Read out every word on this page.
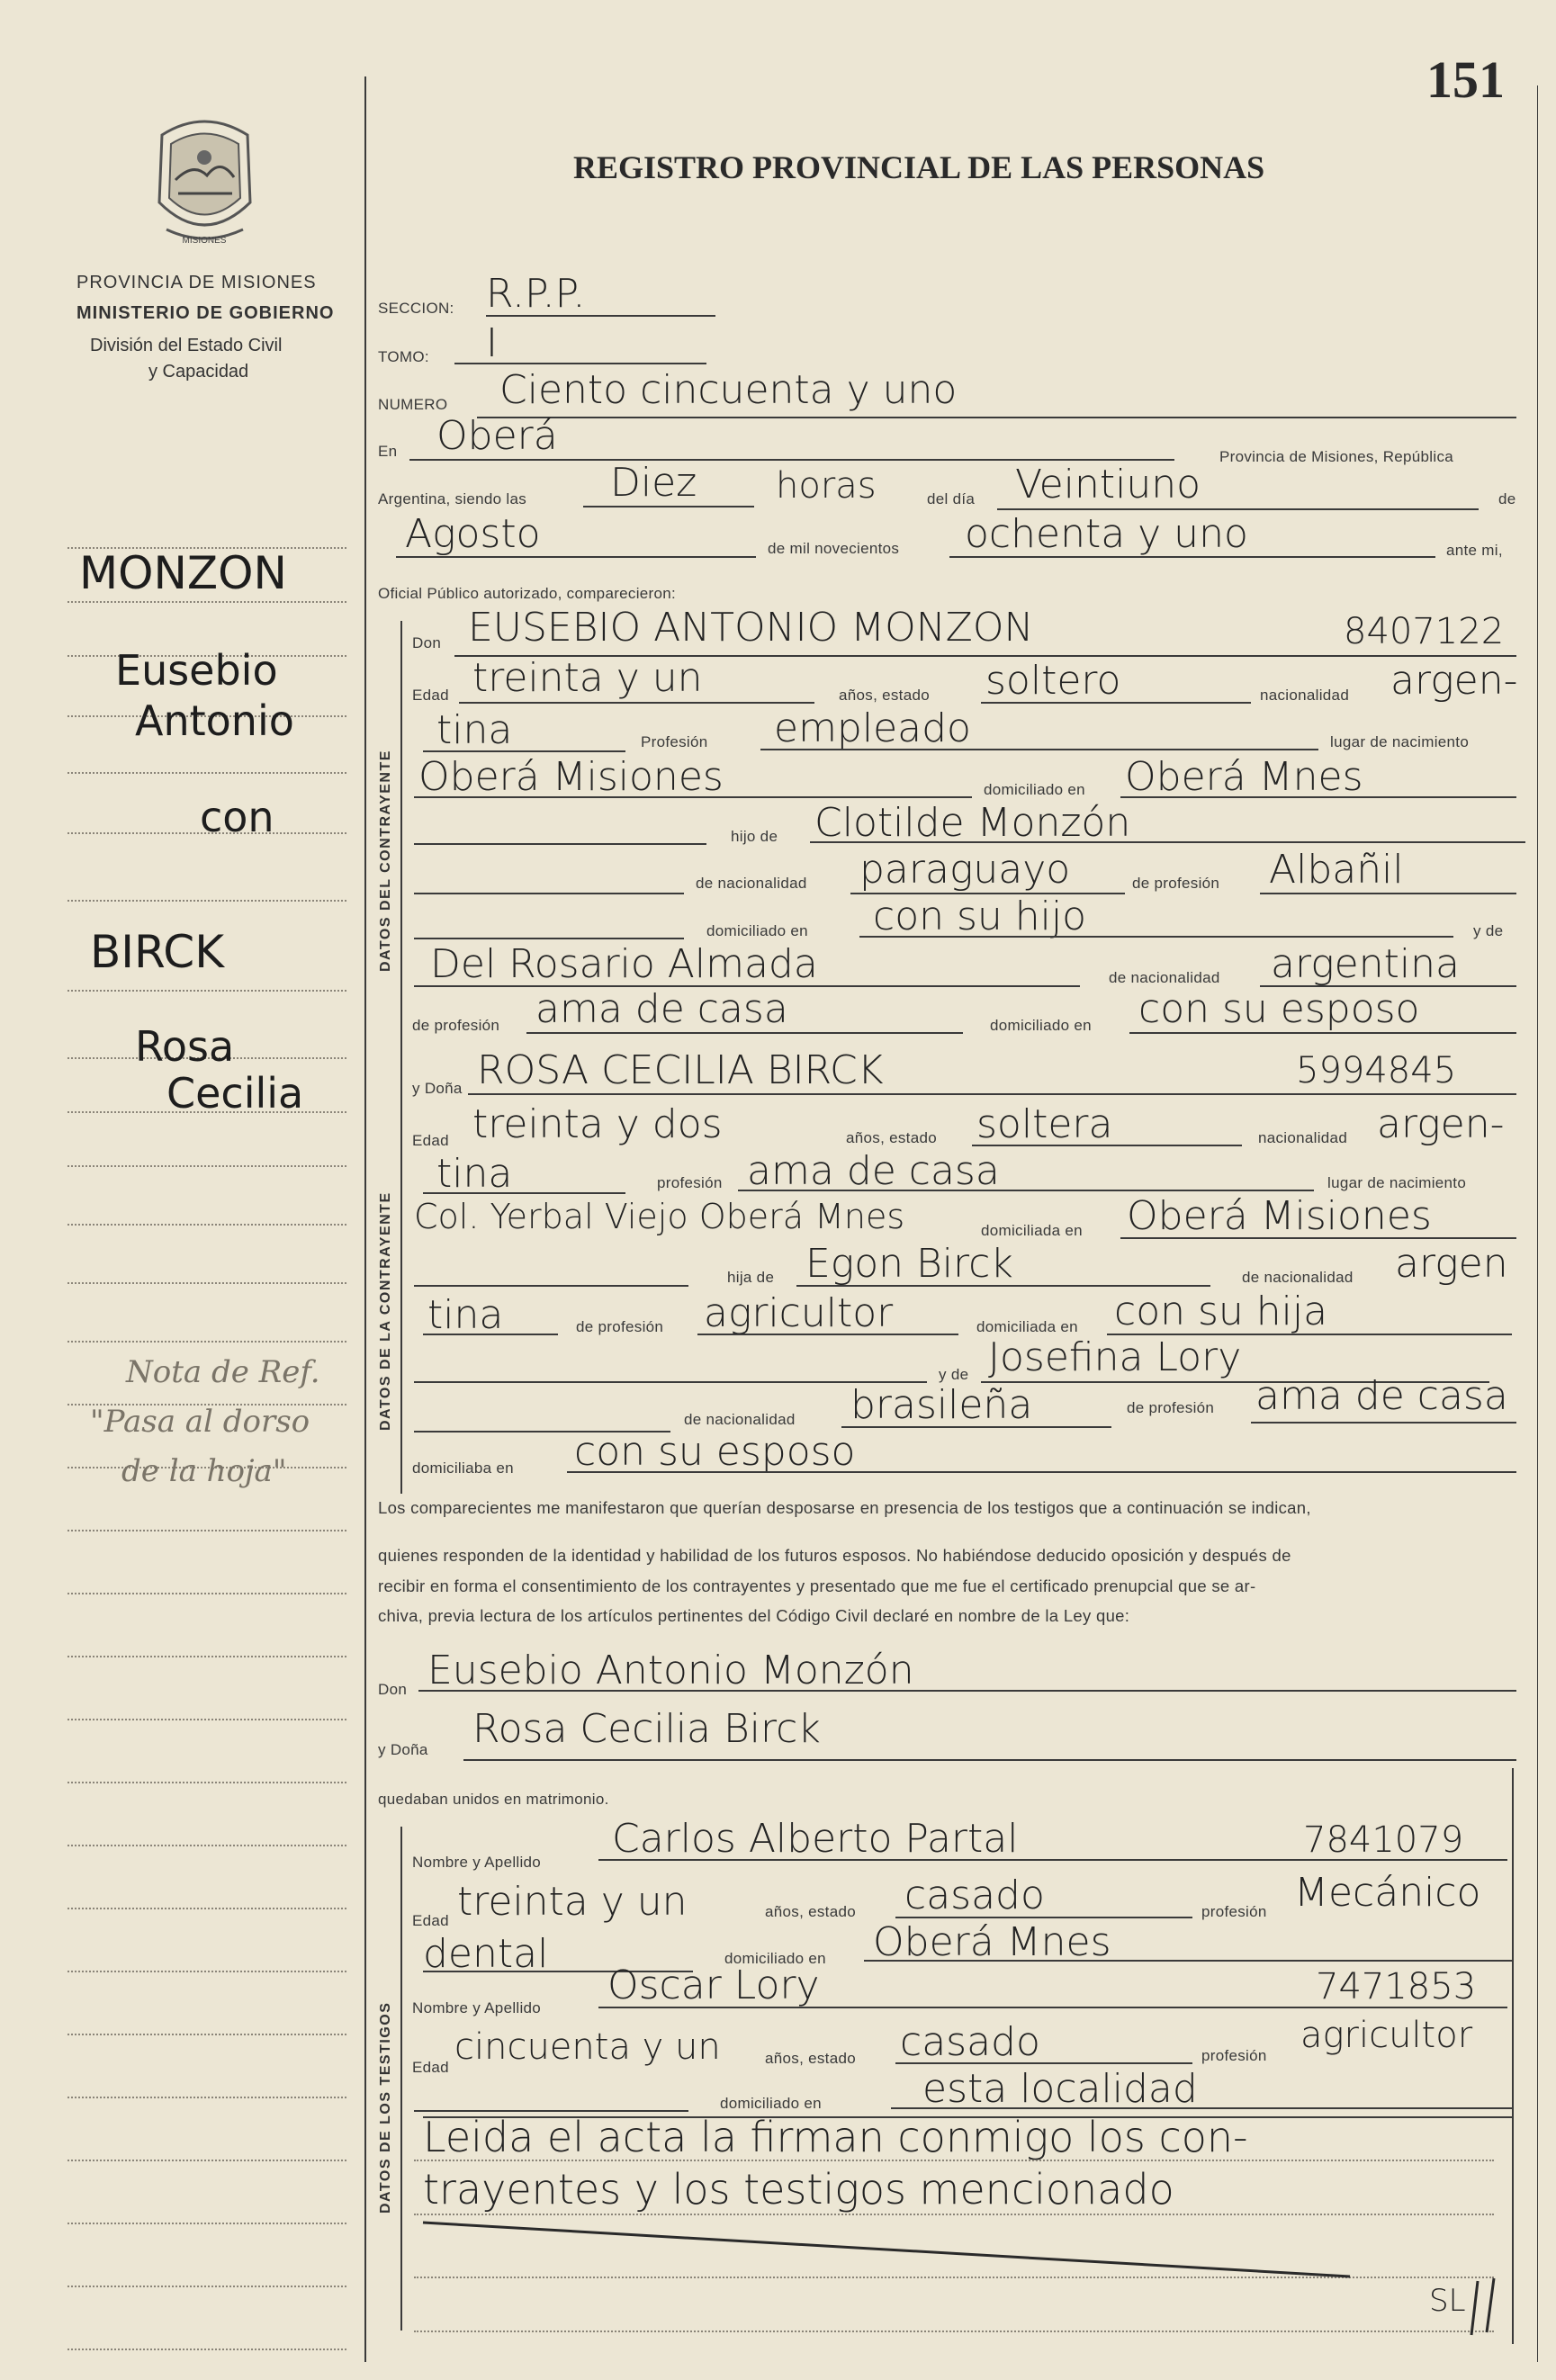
151
MISIONES
PROVINCIA DE MISIONES
MINISTERIO DE GOBIERNO
División del Estado Civil
y Capacidad
REGISTRO PROVINCIAL DE LAS PERSONAS
MONZON
Eusebio
Antonio
con
BIRCK
Rosa
Cecilia
Nota de Ref.
"Pasa al dorso
de la hoja"
SECCION: R.P.P.
TOMO: I
NUMERO Ciento cincuenta y uno
En Oberá	Provincia de Misiones, República
Argentina, siendo las Diez horas	del día Veintiuno	de
Agosto	de mil novecientos ochenta y uno	ante mi,
Oficial Público autorizado, comparecieron:
DATOS DEL CONTRAYENTE
Don EUSEBIO ANTONIO MONZON	8407122
Edad treinta y un	años, estado soltero	nacionalidad argen-
tina	Profesión empleado	lugar de nacimiento
Oberá Misiones	domiciliado en Oberá Mnes
hijo de Clotilde Monzón
de nacionalidad paraguayo	de profesión Albañil
domiciliado en con su hijo	y de
Del Rosario Almada	de nacionalidad argentina
de profesión ama de casa	domiciliado en con su esposo
DATOS DE LA CONTRAYENTE
y Doña ROSA CECILIA BIRCK	5994845
Edad treinta y dos	años, estado soltera	nacionalidad argen-
tina	profesión ama de casa	lugar de nacimiento
Col. Yerbal Viejo Oberá Mnes	domiciliada en Oberá Misiones
hija de Egon Birck	de nacionalidad argen
tina	de profesión agricultor	domiciliada en con su hija
y de Josefina Lory
de nacionalidad brasileña	de profesión ama de casa
domiciliaba en con su esposo
Los comparecientes me manifestaron que querían desposarse en presencia de los testigos que a continuación se indican,
quienes responden de la identidad y habilidad de los futuros esposos. No habiéndose deducido oposición y después de
recibir en forma el consentimiento de los contrayentes y presentado que me fue el certificado prenupcial que se ar-
chiva, previa lectura de los artículos pertinentes del Código Civil declaré en nombre de la Ley que:
Don Eusebio Antonio Monzón
y Doña Rosa Cecilia Birck
quedaban unidos en matrimonio.
DATOS DE LOS TESTIGOS
Nombre y Apellido
Carlos Alberto Partal	7841079
Edad treinta y un	años, estado casado	profesión Mecánico
dental	domiciliado en Oberá Mnes
Nombre y Apellido Oscar Lory	7471853
Edad cincuenta y un	años, estado casado	profesión agricultor
domiciliado en	esta localidad
Leida el acta la firman conmigo los con-
trayentes y los testigos mencionado
SL
